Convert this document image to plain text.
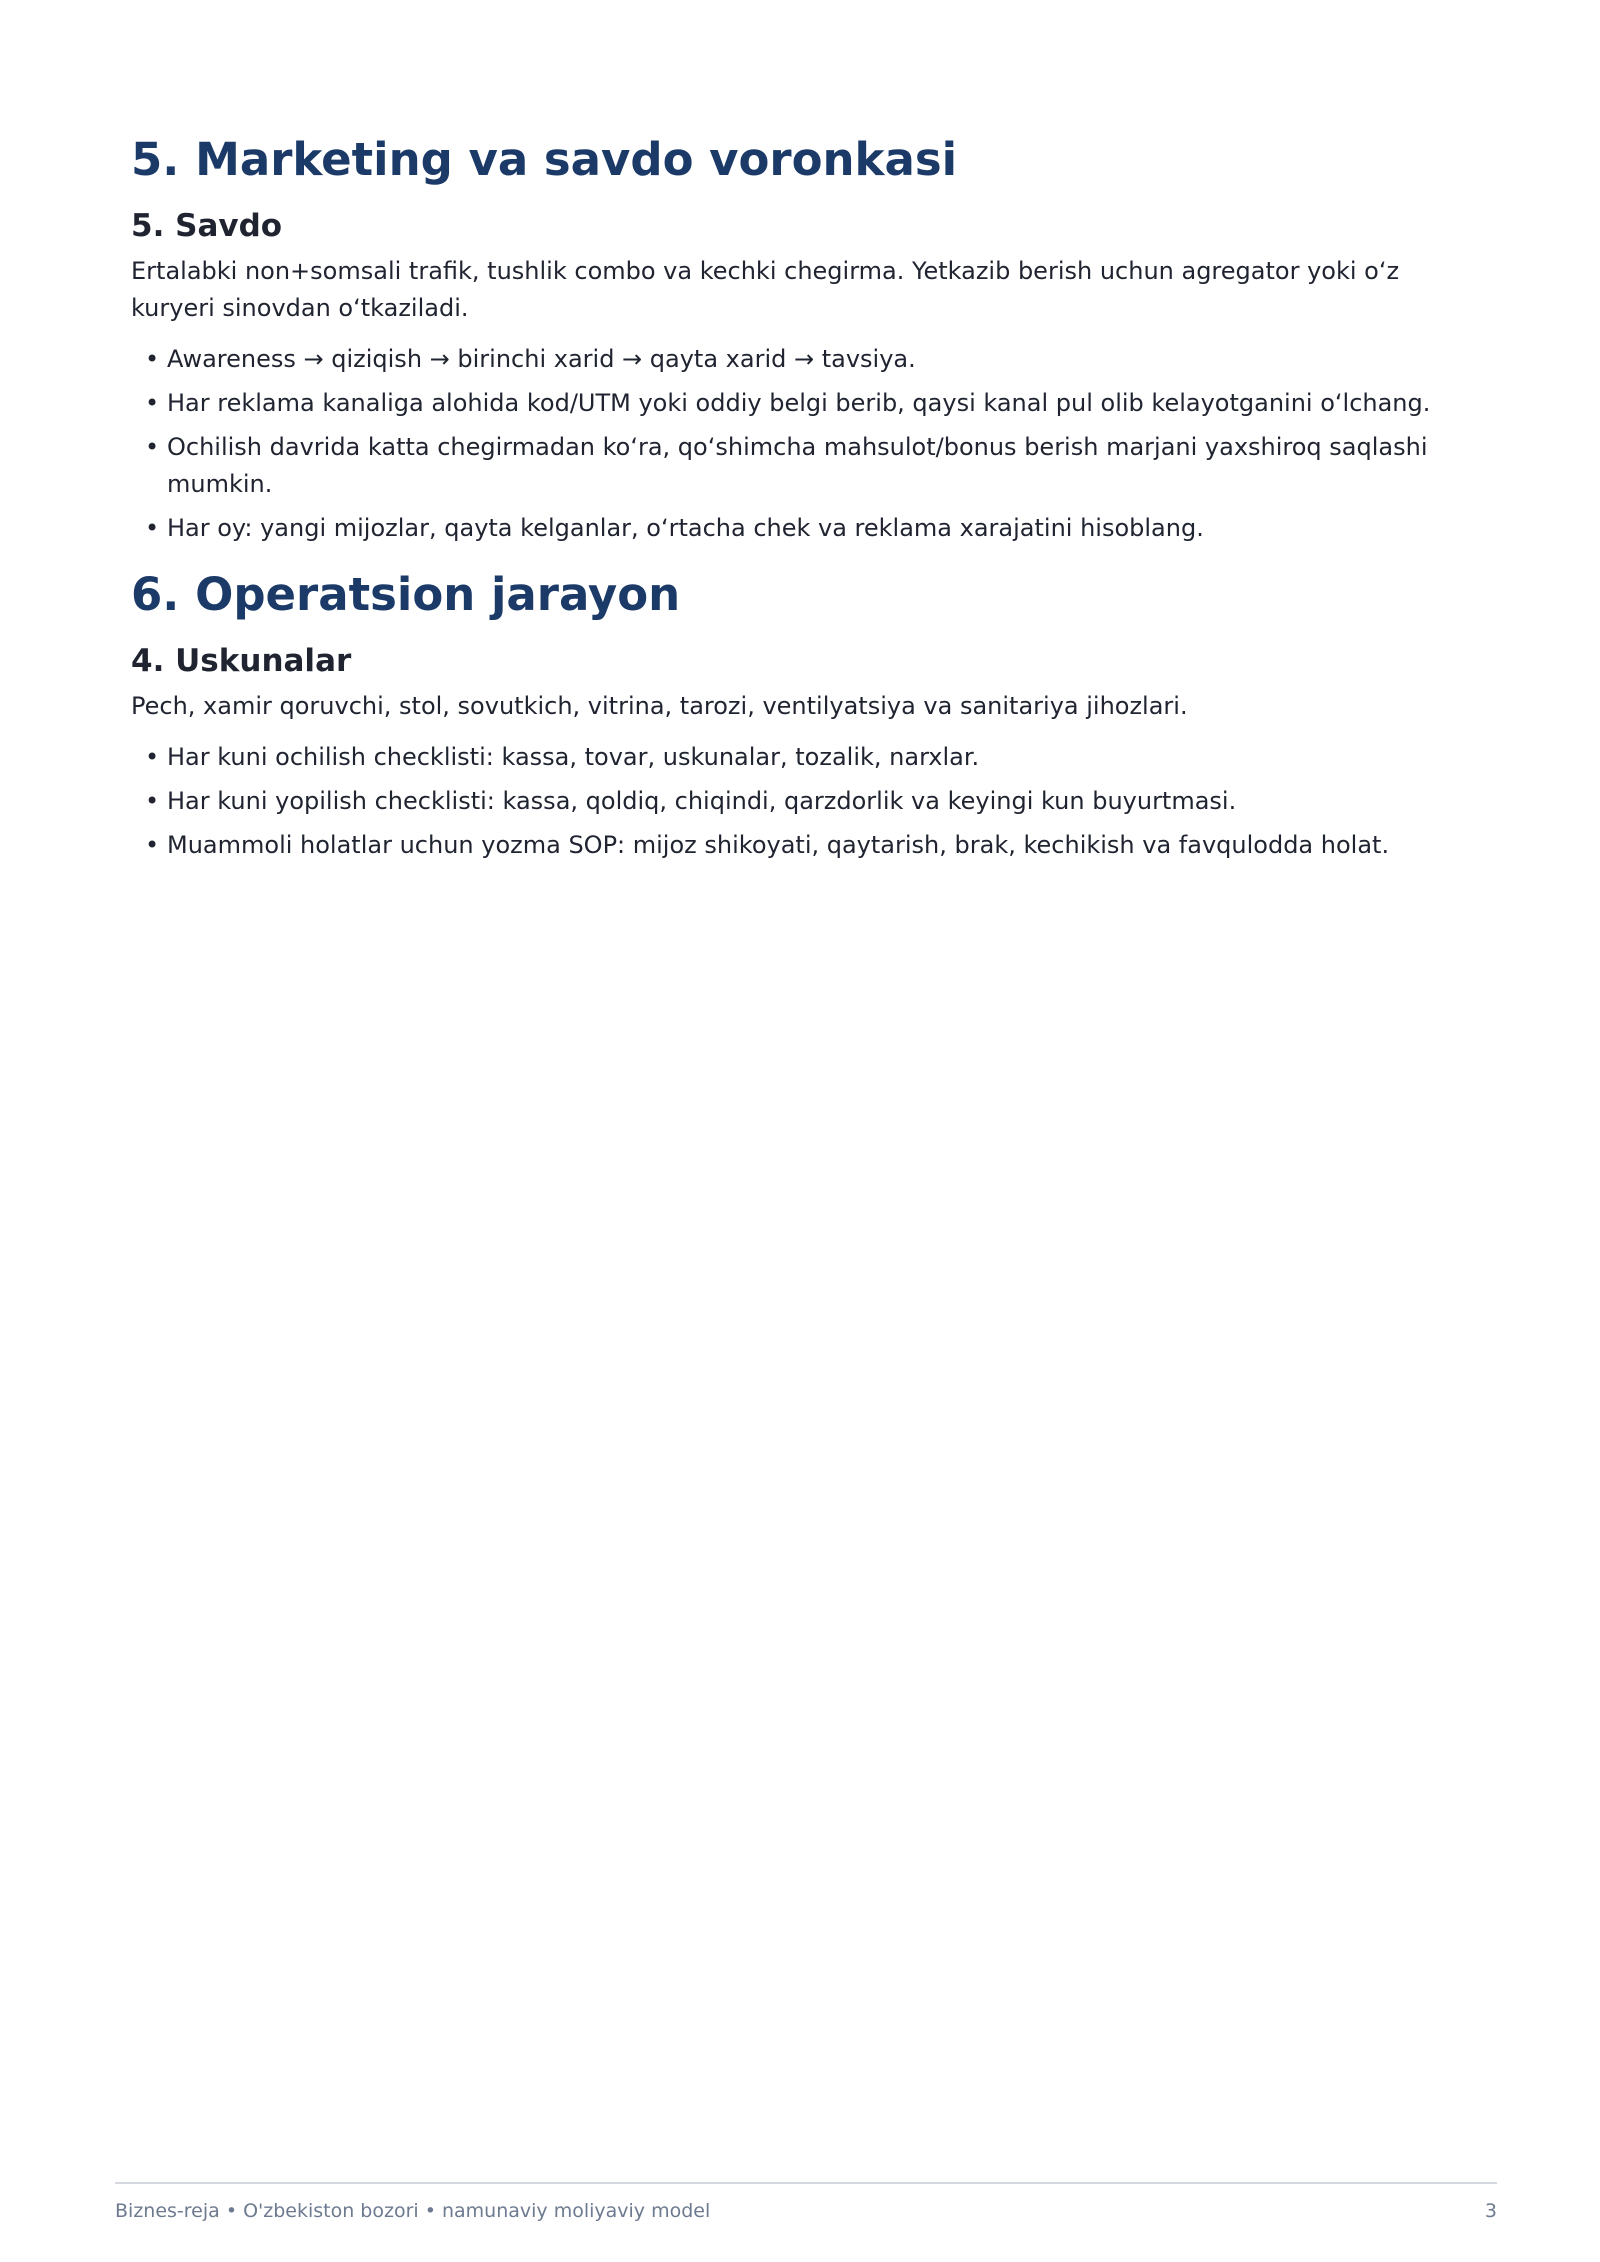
5. Marketing va savdo voronkasi
5. Savdo

Ertalabki non+somsali trafik, tushlik combo va kechki chegirma. Yetkazib berish uchun agregator yoki o‘z kuryeri sinovdan o‘tkaziladi.

• Awareness → qiziqish → birinchi xarid → qayta xarid → tavsiya.
• Har reklama kanaliga alohida kod/UTM yoki oddiy belgi berib, qaysi kanal pul olib kelayotganini o‘lchang.
• Ochilish davrida katta chegirmadan ko‘ra, qo‘shimcha mahsulot/bonus berish marjani yaxshiroq saqlashi mumkin.
• Har oy: yangi mijozlar, qayta kelganlar, o‘rtacha chek va reklama xarajatini hisoblang.
6. Operatsion jarayon
4. Uskunalar

Pech, xamir qoruvchi, stol, sovutkich, vitrina, tarozi, ventilyatsiya va sanitariya jihozlari.

• Har kuni ochilish checklisti: kassa, tovar, uskunalar, tozalik, narxlar.
• Har kuni yopilish checklisti: kassa, qoldiq, chiqindi, qarzdorlik va keyingi kun buyurtmasi.
• Muammoli holatlar uchun yozma SOP: mijoz shikoyati, qaytarish, brak, kechikish va favqulodda holat.
Biznes-reja • O'zbekiston bozori • namunaviy moliyaviy model	3
